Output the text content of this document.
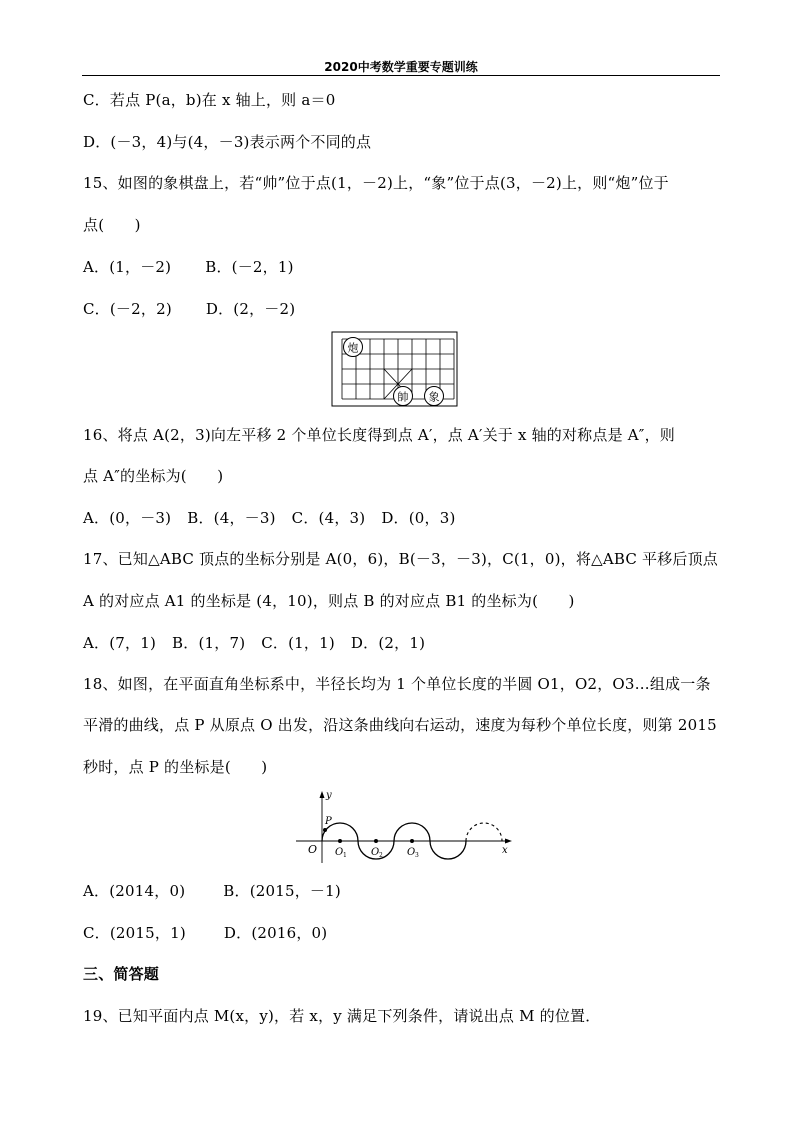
2020中考数学重要专题训练
C．若点 P(a，b)在 x 轴上，则 a＝0
D．(－3，4)与(4，－3)表示两个不同的点
15、如图的象棋盘上，若“帅”位于点(1，－2)上，“象”位于点(3，－2)上，则“炮”位于
点(　　)
A．(1，－2) B．(－2，1)
C．(－2，2) D．(2，－2)
炮
帥 象
16、将点 A(2，3)向左平移 2 个单位长度得到点 A′，点 A′关于 x 轴的对称点是 A″，则
点 A″的坐标为(　　)
A．(0，－3) B．(4，－3) C．(4，3) D．(0，3)
17、已知△ABC 顶点的坐标分别是 A(0，6)，B(－3，－3)，C(1，0)，将△ABC 平移后顶点
A 的对应点 A1 的坐标是 (4，10)，则点 B 的对应点 B1 的坐标为(　　)
A．(7，1) B．(1，7) C．(1，1) D．(2，1)
18、如图，在平面直角坐标系中，半径长均为 1 个单位长度的半圆 O1，O2，O3…组成一条
平滑的曲线，点 P 从原点 O 出发，沿这条曲线向右运动，速度为每秒个单位长度，则第 2015
秒时，点 P 的坐标是(　　)
y
x
O
P
O 1 O 2 O 3
A．(2014，0)	B．(2015，－1)
C．(2015，1)	D．(2016，0)
三、简答题
19、已知平面内点 M(x，y)，若 x，y 满足下列条件，请说出点 M 的位置．
